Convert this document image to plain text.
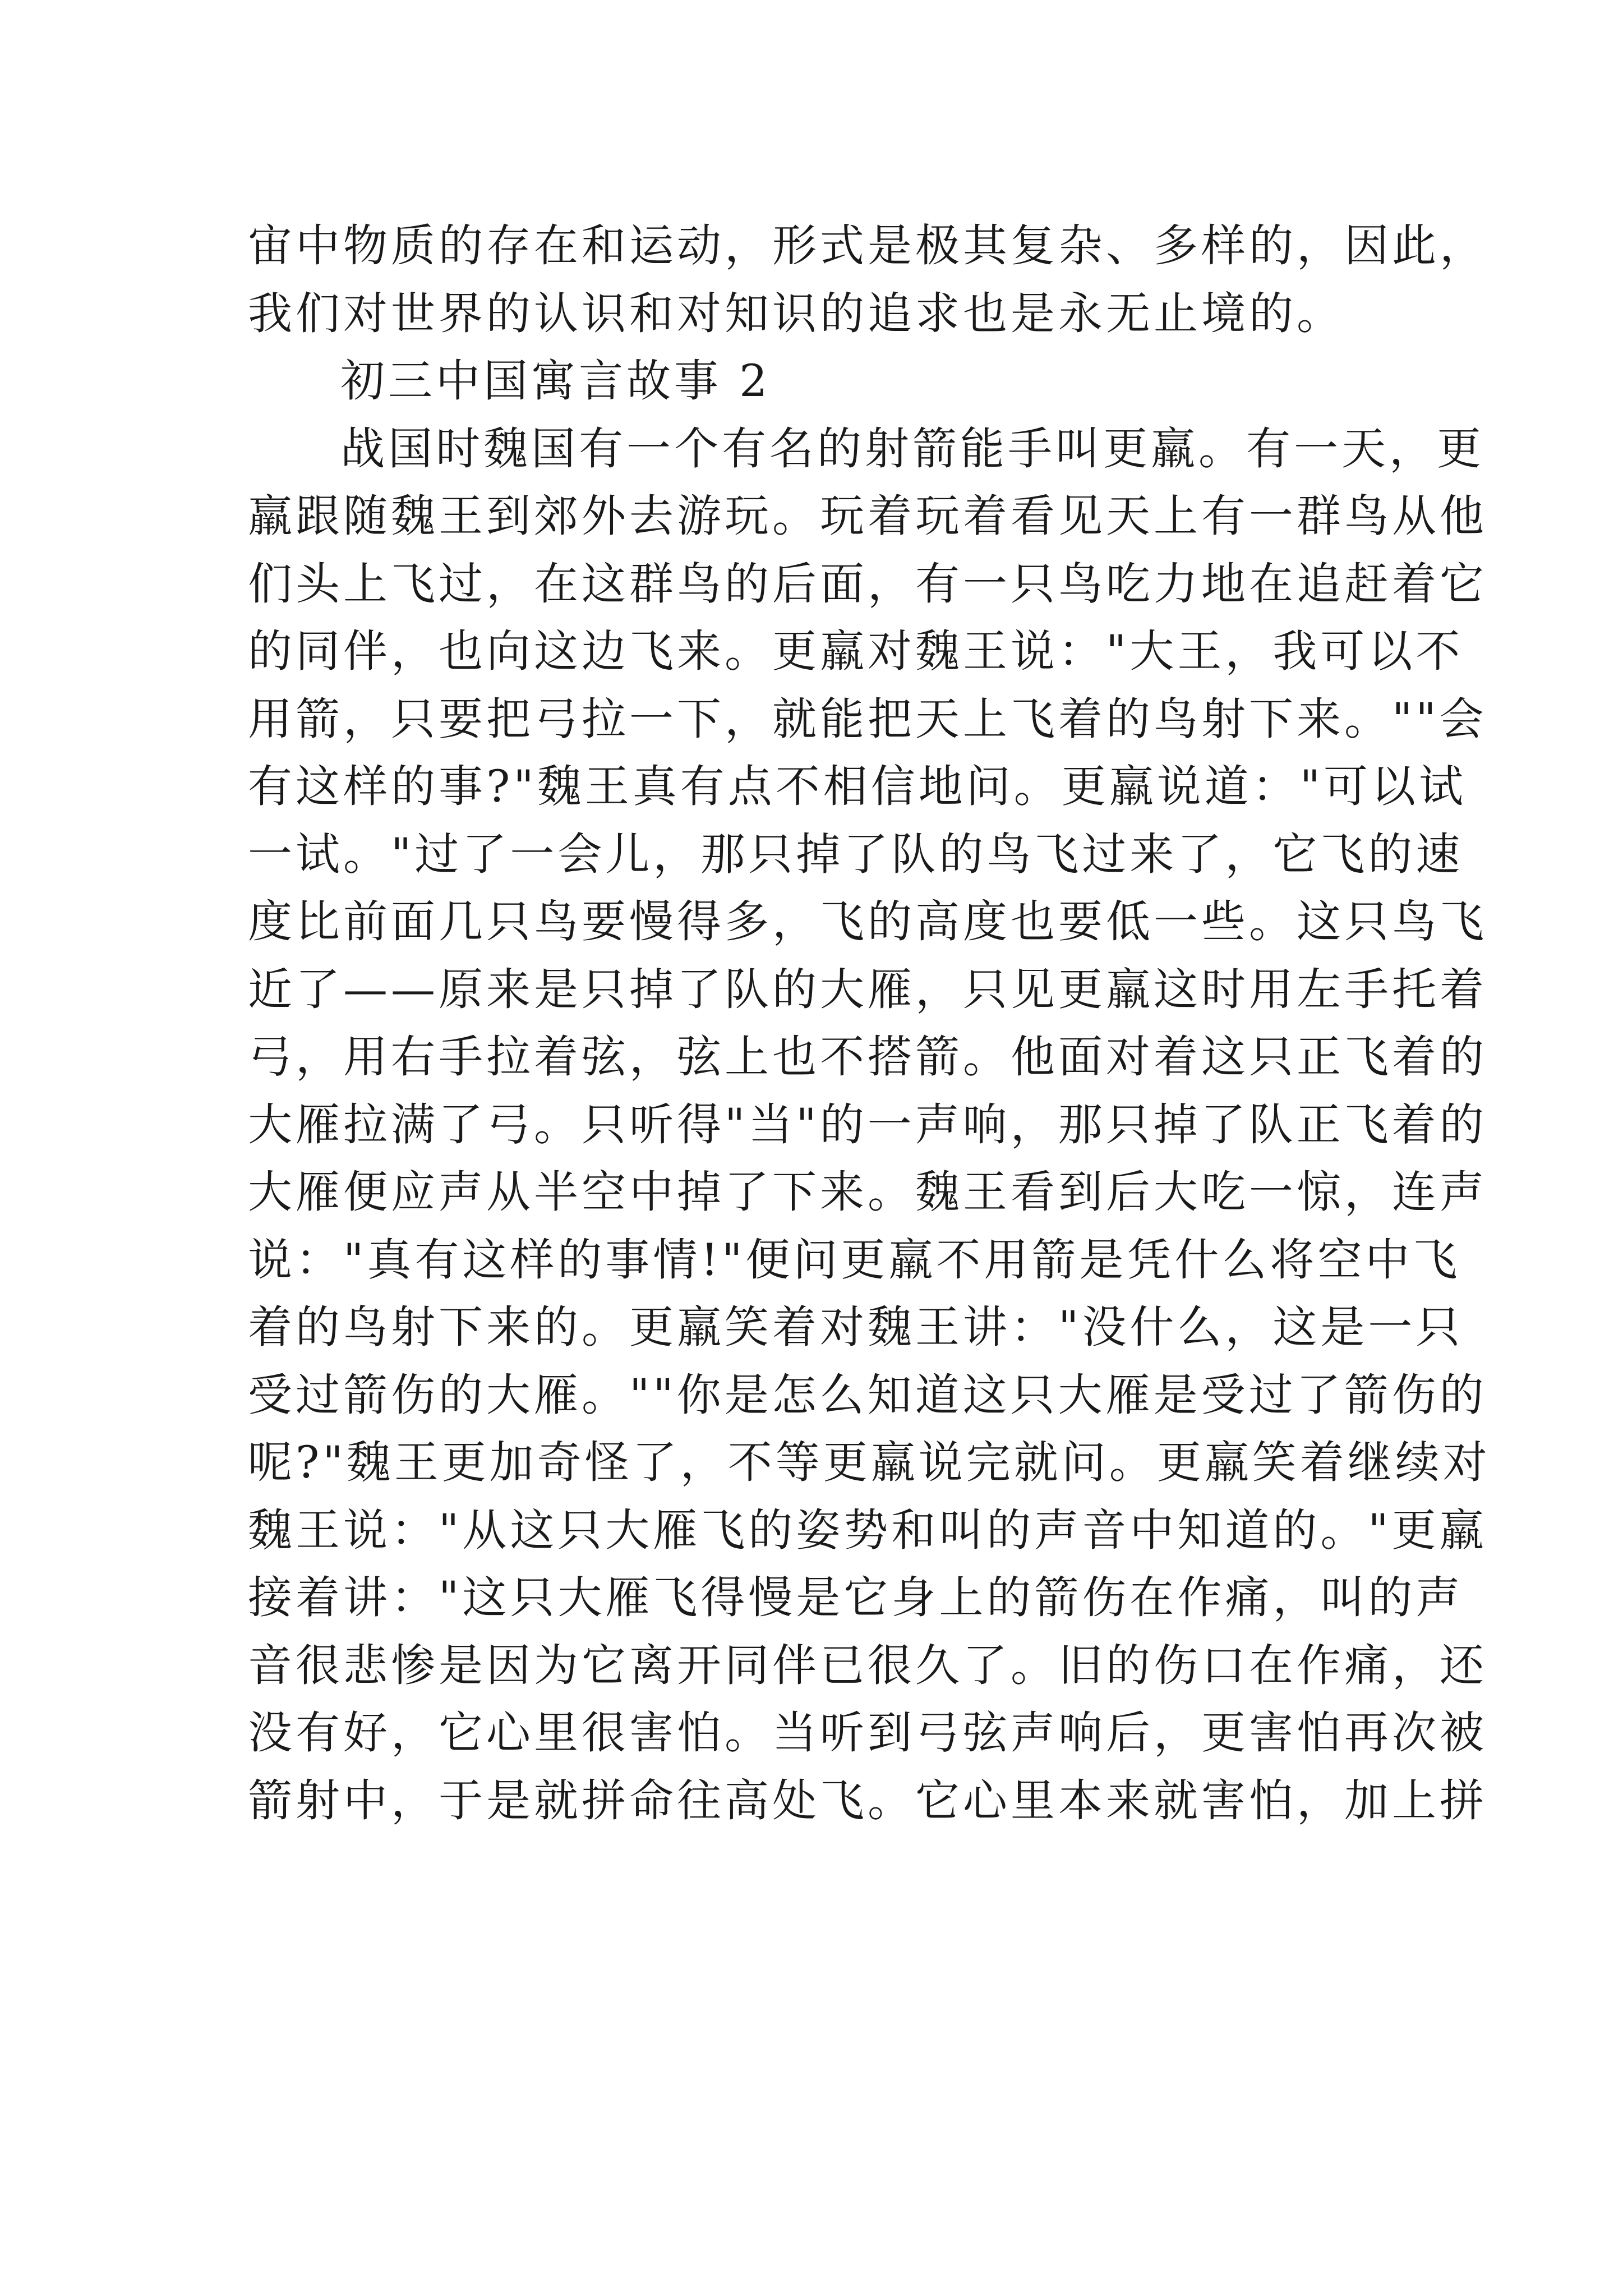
宙中物质的存在和运动，形式是极其复杂、多样的，因此，
我们对世界的认识和对知识的追求也是永无止境的。
初三中国寓言故事 2
战国时魏国有一个有名的射箭能手叫更羸。有一天，更
羸跟随魏王到郊外去游玩。玩着玩着看见天上有一群鸟从他
们头上飞过，在这群鸟的后面，有一只鸟吃力地在追赶着它
的同伴，也向这边飞来。更羸对魏王说："大王，我可以不
用箭，只要把弓拉一下，就能把天上飞着的鸟射下来。""会
有这样的事?"魏王真有点不相信地问。更羸说道："可以试
一试。"过了一会儿，那只掉了队的鸟飞过来了，它飞的速
度比前面几只鸟要慢得多，飞的高度也要低一些。这只鸟飞
近了——原来是只掉了队的大雁，只见更羸这时用左手托着
弓，用右手拉着弦，弦上也不搭箭。他面对着这只正飞着的
大雁拉满了弓。只听得"当"的一声响，那只掉了队正飞着的
大雁便应声从半空中掉了下来。魏王看到后大吃一惊，连声
说："真有这样的事情!"便问更羸不用箭是凭什么将空中飞
着的鸟射下来的。更羸笑着对魏王讲："没什么，这是一只
受过箭伤的大雁。""你是怎么知道这只大雁是受过了箭伤的
呢?"魏王更加奇怪了，不等更羸说完就问。更羸笑着继续对
魏王说："从这只大雁飞的姿势和叫的声音中知道的。"更羸
接着讲："这只大雁飞得慢是它身上的箭伤在作痛，叫的声
音很悲惨是因为它离开同伴已很久了。旧的伤口在作痛，还
没有好，它心里很害怕。当听到弓弦声响后，更害怕再次被
箭射中，于是就拼命往高处飞。它心里本来就害怕，加上拼
